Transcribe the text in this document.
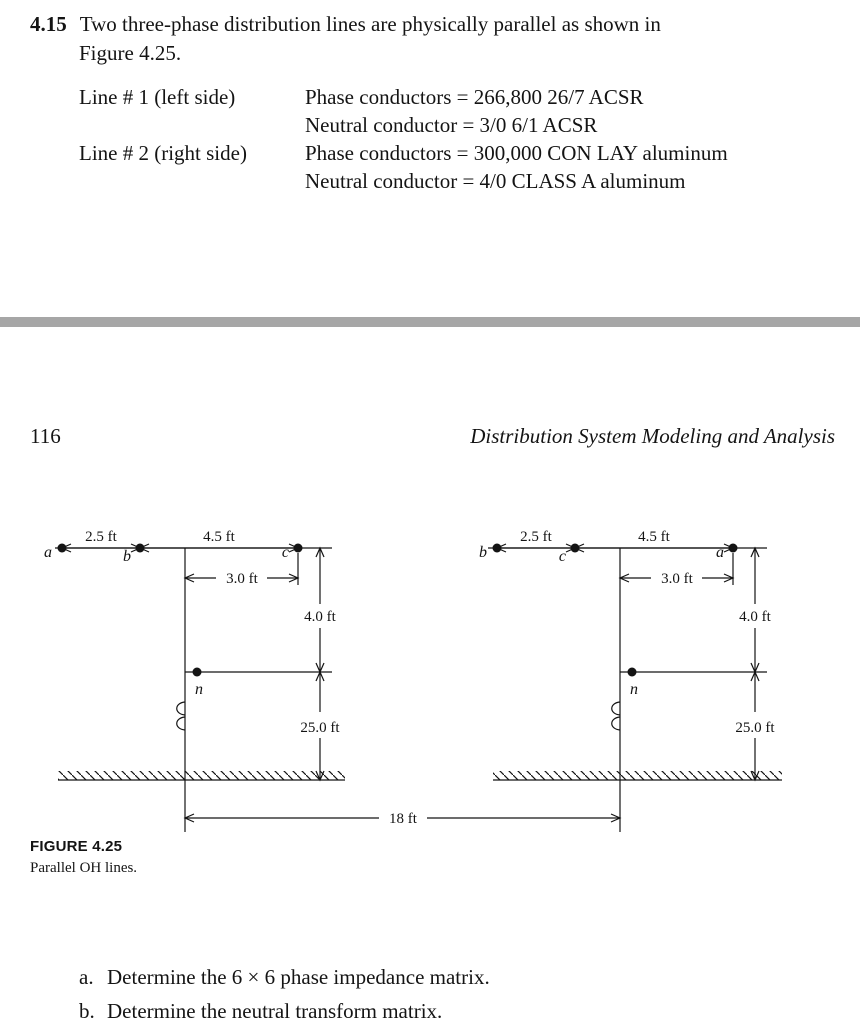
4.15 Two three-phase distribution lines are physically parallel as shown in
Figure 4.25.
Line # 1 (left side)	Phase conductors = 266,800 26/7 ACSR
Neutral conductor = 3/0 6/1 ACSR
Line # 2 (right side)	Phase conductors = 300,000 CON LAY aluminum
Neutral conductor = 4/0 CLASS A aluminum
116	Distribution System Modeling and Analysis
2.5 ft	4.5 ft
a	b	c
3.0 ft
n
4.0 ft
25.0 ft
2.5 ft	4.5 ft
b	c	a
3.0 ft
n
4.0 ft
25.0 ft
18 ft
FIGURE 4.25
Parallel OH lines.
a. Determine the 6 × 6 phase impedance matrix.
b. Determine the neutral transform matrix.
